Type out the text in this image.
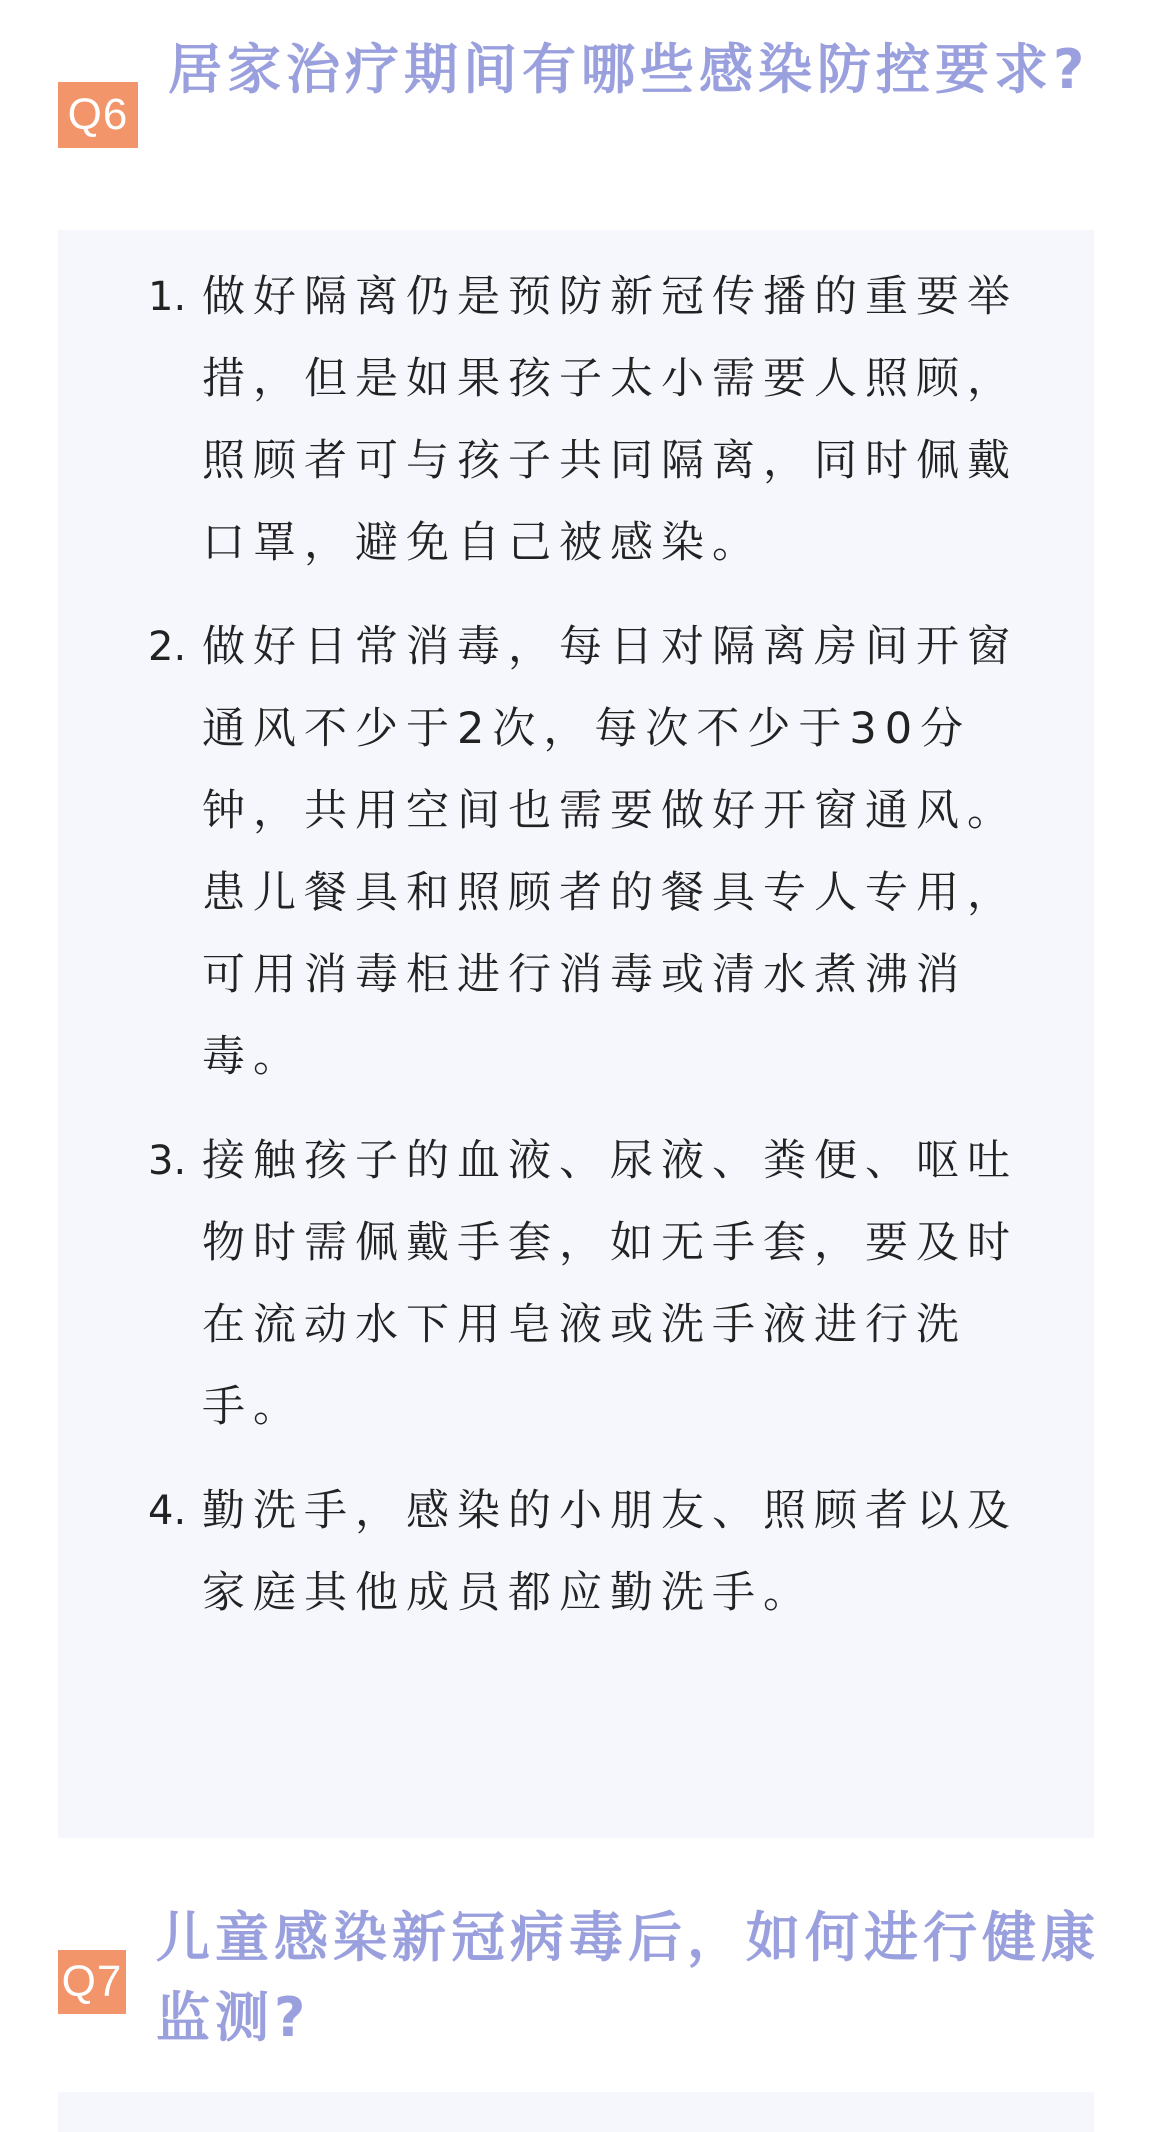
Q6
居家治疗期间有哪些感染防控要求?
1. 做好隔离仍是预防新冠传播的重要举措，但是如果孩子太小需要人照顾，照顾者可与孩子共同隔离，同时佩戴口罩，避免自己被感染。
2. 做好日常消毒，每日对隔离房间开窗通风不少于2次，每次不少于30分钟，共用空间也需要做好开窗通风。患儿餐具和照顾者的餐具专人专用，可用消毒柜进行消毒或清水煮沸消毒。
3. 接触孩子的血液、尿液、粪便、呕吐物时需佩戴手套，如无手套，要及时在流动水下用皂液或洗手液进行洗手。
4. 勤洗手，感染的小朋友、照顾者以及家庭其他成员都应勤洗手。
Q7
儿童感染新冠病毒后，如何进行健康监测?
